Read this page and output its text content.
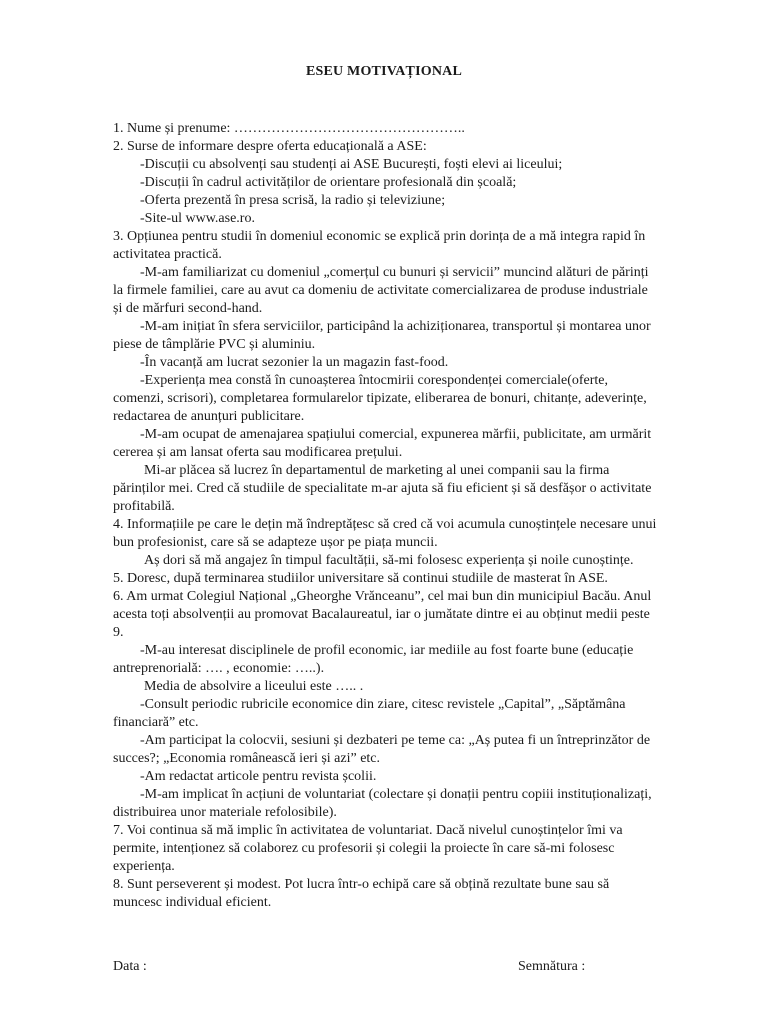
ESEU MOTIVAȚIONAL

1. Nume și prenume: …………………………………………..

2. Surse de informare despre oferta educațională a ASE:

-Discuții cu absolvenți sau studenți ai ASE București, foști elevi ai liceului;

-Discuții în cadrul activităților de orientare profesională din școală;

-Oferta prezentă în presa scrisă, la radio și televiziune;

-Site-ul www.ase.ro.

3. Opțiunea pentru studii în domeniul economic se explică prin dorința de a mă integra rapid în activitatea practică.

-M-am familiarizat cu domeniul „comerțul cu bunuri și servicii” muncind alături de părinți la firmele familiei, care au avut ca domeniu de activitate comercializarea de produse industriale și de mărfuri second-hand.

-M-am inițiat în sfera serviciilor, participând la achiziționarea, transportul și montarea unor piese de tâmplărie PVC și aluminiu.

-În vacanță am lucrat sezonier la un magazin fast-food.

-Experiența mea constă în cunoașterea întocmirii corespondenței comerciale(oferte, comenzi, scrisori), completarea formularelor tipizate, eliberarea de bonuri, chitanțe, adeverințe, redactarea de anunțuri publicitare.

-M-am ocupat de amenajarea spațiului comercial, expunerea mărfii, publicitate, am urmărit cererea și am lansat oferta sau modificarea prețului.

Mi-ar plăcea să lucrez în departamentul de marketing al unei companii sau la firma părinților mei. Cred că studiile de specialitate m-ar ajuta să fiu eficient și să desfășor o activitate profitabilă.

4. Informațiile pe care le dețin mă îndreptățesc să cred că voi acumula cunoștințele necesare unui bun profesionist, care să se adapteze ușor pe piața muncii.

Aș dori să mă angajez în timpul facultății, să-mi folosesc experiența și noile cunoștințe.

5. Doresc, după terminarea studiilor universitare să continui studiile de masterat în ASE.

6. Am urmat Colegiul Național „Gheorghe Vrănceanu”, cel mai bun din municipiul Bacău. Anul acesta toți absolvenții au promovat Bacalaureatul, iar o jumătate dintre ei au obținut medii peste 9.

-M-au interesat disciplinele de profil economic, iar mediile au fost foarte bune (educație antreprenorială: …. , economie: …..).

Media de absolvire a liceului este ….. .

-Consult periodic rubricile economice din ziare, citesc revistele „Capital”, „Săptămâna financiară” etc.

-Am participat la colocvii, sesiuni și dezbateri pe teme ca: „Aș putea fi un întreprinzător de succes?; „Economia românească ieri și azi” etc.

-Am redactat articole pentru revista școlii.

-M-am implicat în acțiuni de voluntariat (colectare și donații pentru copiii instituționalizați, distribuirea unor materiale refolosibile).

7. Voi continua să mă implic în activitatea de voluntariat. Dacă nivelul cunoștințelor îmi va permite, intenționez să colaborez cu profesorii și colegii la proiecte în care să-mi folosesc experiența.

8. Sunt perseverent și modest. Pot lucra într-o echipă care să obțină rezultate bune sau să muncesc individual eficient.

Data :	Semnătura :
